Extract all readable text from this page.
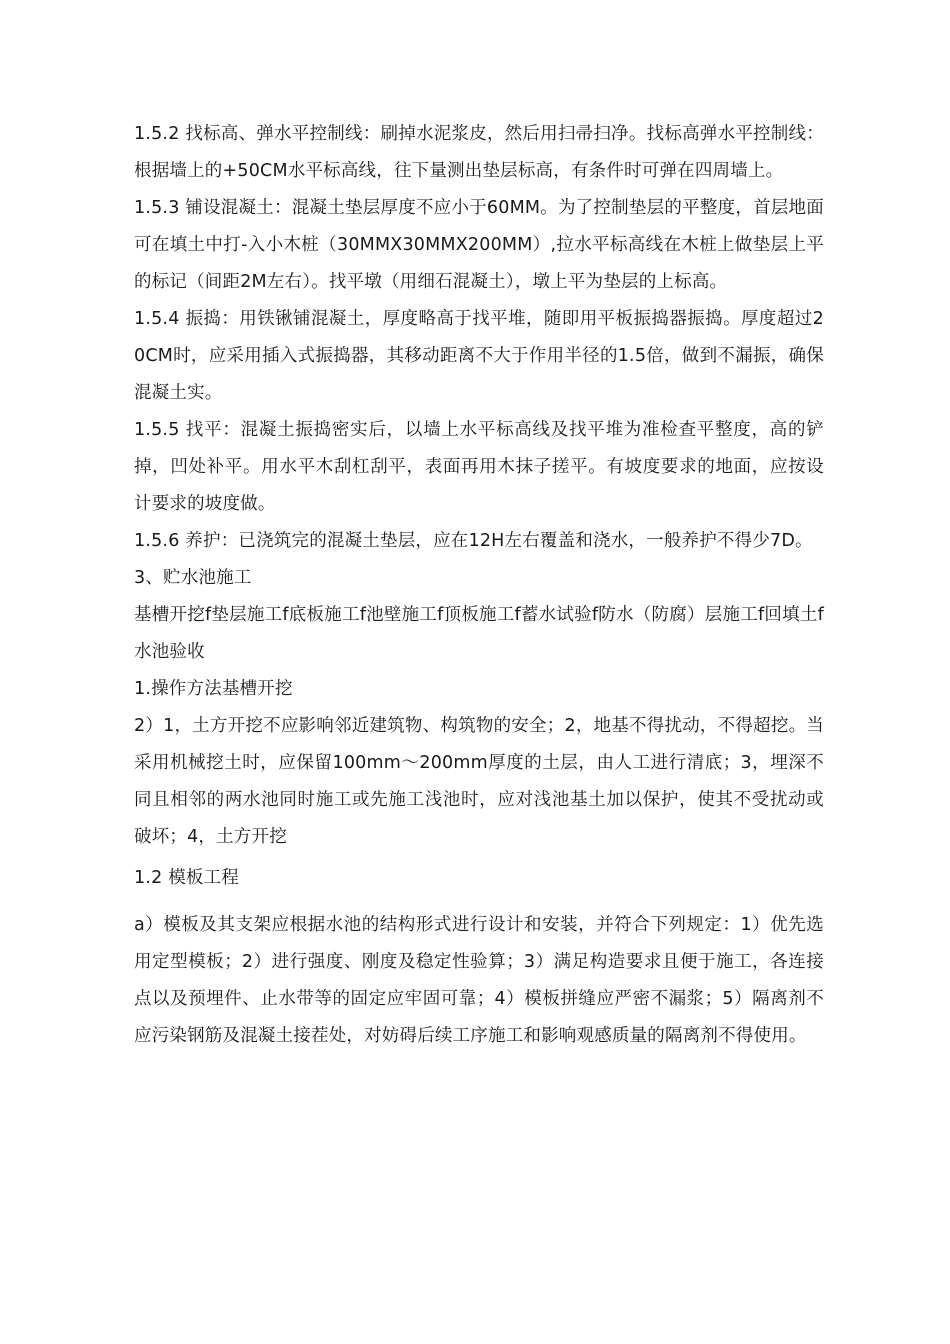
1.5.2 找标高、弹水平控制线：刷掉水泥浆皮，然后用扫帚扫净。找标高弹水平控制线：根据墙上的+50CM水平标高线，往下量测出垫层标高，有条件时可弹在四周墙上。

1.5.3 铺设混凝土：混凝土垫层厚度不应小于60MM。为了控制垫层的平整度，首层地面可在填土中打-入小木桩（30MMX30MMX200MM）,拉水平标高线在木桩上做垫层上平的标记（间距2M左右）。找平墩（用细石混凝土），墩上平为垫层的上标高。

1.5.4 振捣：用铁锹铺混凝土，厚度略高于找平堆，随即用平板振捣器振捣。厚度超过20CM时，应采用插入式振捣器，其移动距离不大于作用半径的1.5倍，做到不漏振，确保混凝土实。

1.5.5 找平：混凝土振捣密实后，以墙上水平标高线及找平堆为准检查平整度，高的铲掉，凹处补平。用水平木刮杠刮平，表面再用木抹子搓平。有坡度要求的地面，应按设计要求的坡度做。

1.5.6 养护：已浇筑完的混凝土垫层，应在12H左右覆盖和浇水，一般养护不得少7D。

3、贮水池施工

基槽开挖f垫层施工f底板施工f池壁施工f顶板施工f蓄水试验f防水（防腐）层施工f回填土f水池验收

1.操作方法基槽开挖

2）1，土方开挖不应影响邻近建筑物、构筑物的安全；2，地基不得扰动，不得超挖。当采用机械挖土时，应保留100mm〜200mm厚度的土层，由人工进行清底；3，埋深不同且相邻的两水池同时施工或先施工浅池时，应对浅池基土加以保护，使其不受扰动或破坏；4，土方开挖

1.2 模板工程

a）模板及其支架应根据水池的结构形式进行设计和安装，并符合下列规定：1）优先选用定型模板；2）进行强度、刚度及稳定性验算；3）满足构造要求且便于施工，各连接点以及预埋件、止水带等的固定应牢固可靠；4）模板拼缝应严密不漏浆；5）隔离剂不应污染钢筋及混凝土接茬处，对妨碍后续工序施工和影响观感质量的隔离剂不得使用。
